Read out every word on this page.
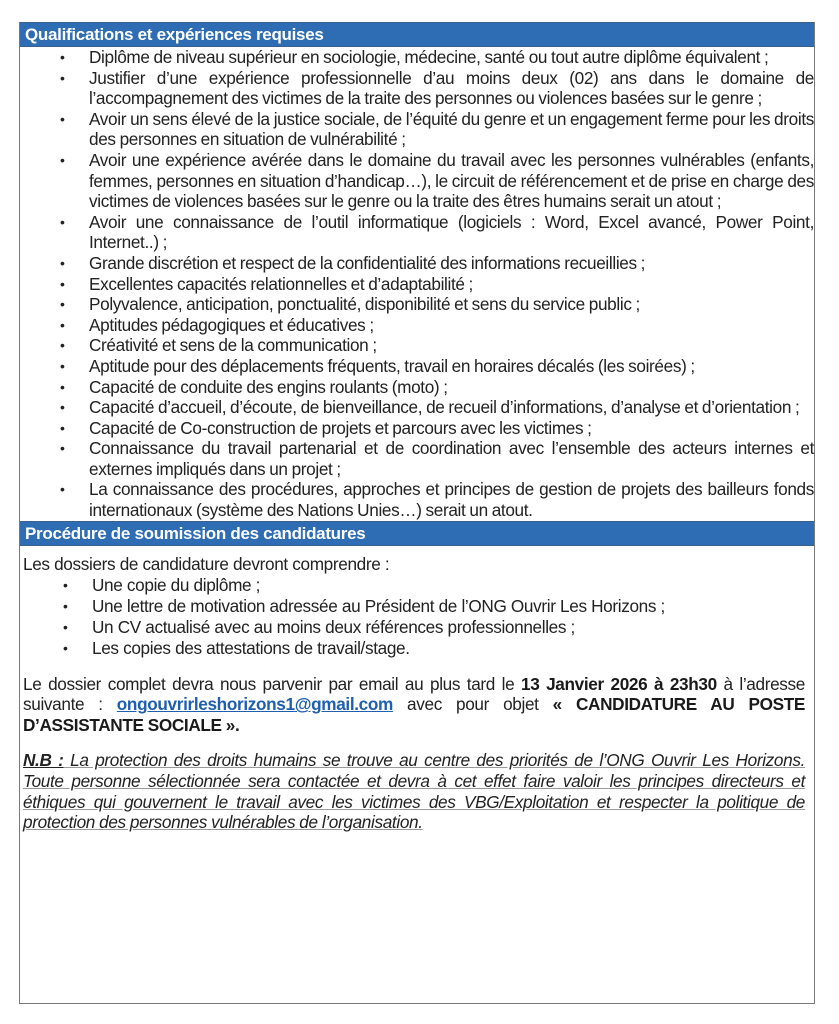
Qualifications et expériences requises
• Diplôme de niveau supérieur en sociologie, médecine, santé ou tout autre diplôme équivalent ;
• Justifier d’une expérience professionnelle d’au moins deux (02) ans dans le domaine de l’accompagnement des victimes de la traite des personnes ou violences basées sur le genre ;
• Avoir un sens élevé de la justice sociale, de l’équité du genre et un engagement ferme pour les droits des personnes en situation de vulnérabilité ;
• Avoir une expérience avérée dans le domaine du travail avec les personnes vulnérables (enfants, femmes, personnes en situation d’handicap…), le circuit de référencement et de prise en charge des victimes de violences basées sur le genre ou la traite des êtres humains serait un atout ;
• Avoir une connaissance de l’outil informatique (logiciels : Word, Excel avancé, Power Point, Internet..) ;
• Grande discrétion et respect de la confidentialité des informations recueillies ;
• Excellentes capacités relationnelles et d’adaptabilité ;
• Polyvalence, anticipation, ponctualité, disponibilité et sens du service public ;
• Aptitudes pédagogiques et éducatives ;
• Créativité et sens de la communication ;
• Aptitude pour des déplacements fréquents, travail en horaires décalés (les soirées) ;
• Capacité de conduite des engins roulants (moto) ;
• Capacité d’accueil, d’écoute, de bienveillance, de recueil d’informations, d’analyse et d’orientation ;
• Capacité de Co-construction de projets et parcours avec les victimes ;
• Connaissance du travail partenarial et de coordination avec l’ensemble des acteurs internes et externes impliqués dans un projet ;
• La connaissance des procédures, approches et principes de gestion de projets des bailleurs fonds internationaux (système des Nations Unies…) serait un atout.
Procédure de soumission des candidatures

Les dossiers de candidature devront comprendre :

• Une copie du diplôme ;
• Une lettre de motivation adressée au Président de l’ONG Ouvrir Les Horizons ;
• Un CV actualisé avec au moins deux références professionnelles ;
• Les copies des attestations de travail/stage.

Le dossier complet devra nous parvenir par email au plus tard le 13 Janvier 2026 à 23h30 à l’adresse suivante : ongouvrirleshorizons1@gmail.com avec pour objet « CANDIDATURE AU POSTE D’ASSISTANTE SOCIALE ».

N.B : La protection des droits humains se trouve au centre des priorités de l’ONG Ouvrir Les Horizons. Toute personne sélectionnée sera contactée et devra à cet effet faire valoir les principes directeurs et éthiques qui gouvernent le travail avec les victimes des VBG/Exploitation et respecter la politique de protection des personnes vulnérables de l’organisation.
